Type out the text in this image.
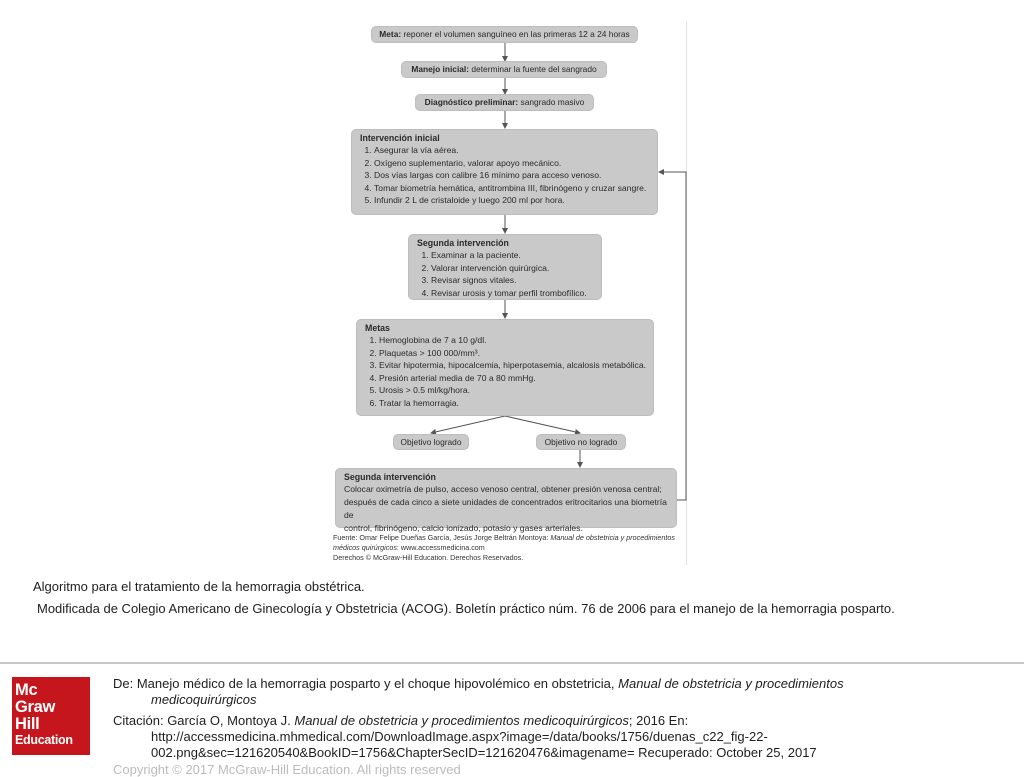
Meta: reponer el volumen sanguíneo en las primeras 12 a 24 horas
Manejo inicial: determinar la fuente del sangrado
Diagnóstico preliminar: sangrado masivo
Intervención inicial
1. Asegurar la vía aérea.
2. Oxígeno suplementario, valorar apoyo mecánico.
3. Dos vías largas con calibre 16 mínimo para acceso venoso.
4. Tomar biometría hemática, antitrombina III, fibrinógeno y cruzar sangre.
5. Infundir 2 L de cristaloide y luego 200 ml por hora.
Segunda intervención
1. Examinar a la paciente.
2. Valorar intervención quirúrgica.
3. Revisar signos vitales.
4. Revisar urosis y tomar perfil trombofílico.
Metas
1. Hemoglobina de 7 a 10 g/dl.
2. Plaquetas > 100 000/mm³.
3. Evitar hipotermia, hipocalcemia, hiperpotasemia, alcalosis metabólica.
4. Presión arterial media de 70 a 80 mmHg.
5. Urosis > 0.5 ml/kg/hora.
6. Tratar la hemorragia.
Objetivo logrado	Objetivo no logrado
Segunda intervención

Colocar oximetría de pulso, acceso venoso central, obtener presión venosa central;

después de cada cinco a siete unidades de concentrados eritrocitarios una biometría de

control, fibrinógeno, calcio ionizado, potasio y gases arteriales.

Fuente: Omar Felipe Dueñas García, Jesús Jorge Beltrán Montoya: Manual de obstetricia y procedimientos médicos quirúrgicos: www.accessmedicina.com
Derechos © McGraw-Hill Education. Derechos Reservados.
Algoritmo para el tratamiento de la hemorragia obstétrica.
Modificada de Colegio Americano de Ginecología y Obstetricia (ACOG). Boletín práctico núm. 76 de 2006 para el manejo de la hemorragia posparto.
Mc
Graw
Hill
Education
De: Manejo médico de la hemorragia posparto y el choque hipovolémico en obstetricia, Manual de obstetricia y procedimientos
medicoquirúrgicos
Citación: García O, Montoya J. Manual de obstetricia y procedimientos medicoquirúrgicos; 2016 En:
http://accessmedicina.mhmedical.com/DownloadImage.aspx?image=/data/books/1756/duenas_c22_fig-22-
002.png&sec=121620540&BookID=1756&ChapterSecID=121620476&imagename= Recuperado: October 25, 2017
Copyright © 2017 McGraw-Hill Education. All rights reserved
